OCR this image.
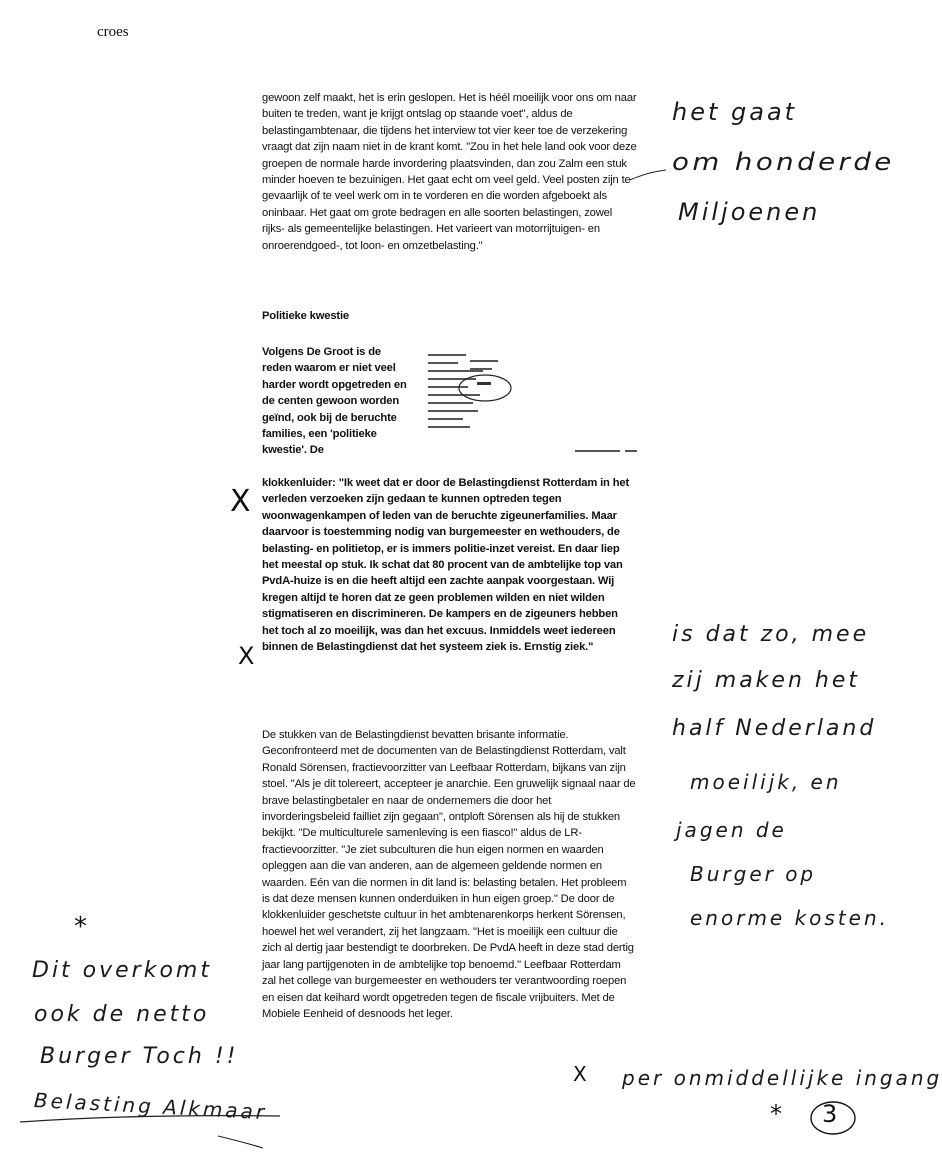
croes

gewoon zelf maakt, het is erin geslopen. Het is héél moeilijk voor ons om naar buiten te treden, want je krijgt ontslag op staande voet", aldus de belastingambtenaar, die tijdens het interview tot vier keer toe de verzekering vraagt dat zijn naam niet in de krant komt. "Zou in het hele land ook voor deze groepen de normale harde invordering plaatsvinden, dan zou Zalm een stuk minder hoeven te bezuinigen. Het gaat echt om veel geld. Veel posten zijn te gevaarlijk of te veel werk om in te vorderen en die worden afgeboekt als oninbaar. Het gaat om grote bedragen en alle soorten belastingen, zowel rijks- als gemeentelijke belastingen. Het varieert van motorrijtuigen- en onroerendgoed-, tot loon- en omzetbelasting."

Politieke kwestie

Volgens De Groot is de reden waarom er niet veel harder wordt opgetreden en de centen gewoon worden geïnd, ook bij de beruchte families, een 'politieke kwestie'. De

klokkenluider: "Ik weet dat er door de Belastingdienst Rotterdam in het verleden verzoeken zijn gedaan te kunnen optreden tegen woonwagenkampen of leden van de beruchte zigeunerfamilies. Maar daarvoor is toestemming nodig van burgemeester en wethouders, de belasting- en politietop, er is immers politie-inzet vereist. En daar liep het meestal op stuk. Ik schat dat 80 procent van de ambtelijke top van PvdA-huize is en die heeft altijd een zachte aanpak voorgestaan. Wij kregen altijd te horen dat ze geen problemen wilden en niet wilden stigmatiseren en discrimineren. De kampers en de zigeuners hebben het toch al zo moeilijk, was dan het excuus. Inmiddels weet iedereen binnen de Belastingdienst dat het systeem ziek is. Ernstig ziek."

De stukken van de Belastingdienst bevatten brisante informatie. Geconfronteerd met de documenten van de Belastingdienst Rotterdam, valt Ronald Sörensen, fractievoorzitter van Leefbaar Rotterdam, bijkans van zijn stoel. "Als je dit tolereert, accepteer je anarchie. Een gruwelijk signaal naar de brave belastingbetaler en naar de ondernemers die door het invorderingsbeleid failliet zijn gegaan", ontploft Sörensen als hij de stukken bekijkt. "De multiculturele samenleving is een fiasco!" aldus de LR-fractievoorzitter. "Je ziet subculturen die hun eigen normen en waarden opleggen aan die van anderen, aan de algemeen geldende normen en waarden. Eén van die normen in dit land is: belasting betalen. Het probleem is dat deze mensen kunnen onderduiken in hun eigen groep." De door de klokkenluider geschetste cultuur in het ambtenarenkorps herkent Sörensen, hoewel het wel verandert, zij het langzaam. "Het is moeilijk een cultuur die zich al dertig jaar bestendigt te doorbreken. De PvdA heeft in deze stad dertig jaar lang partijgenoten in de ambtelijke top benoemd." Leefbaar Rotterdam zal het college van burgemeester en wethouders ter verantwoording roepen en eisen dat keihard wordt opgetreden tegen de fiscale vrijbuiters. Met de Mobiele Eenheid of desnoods het leger.

het gaat
om honderde
Miljoenen
is dat zo, mee
zij maken het
half Nederland
moeilijk, en
jagen de
Burger op
enorme kosten.
Dit overkomt
ook de netto
Burger Toch !!
Belasting Alkmaar
per onmiddellijke ingang
3
X
X
X
*
*
